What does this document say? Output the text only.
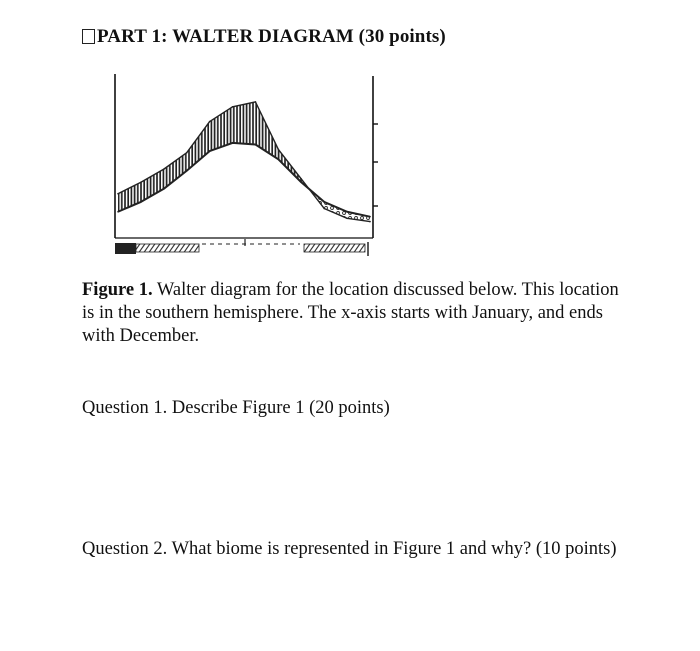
PART 1: WALTER DIAGRAM (30 points)
Figure 1. Walter diagram for the location discussed below. This location is in the southern hemisphere. The x-axis starts with January, and ends with December.
Question 1. Describe Figure 1 (20 points)
Question 2. What biome is represented in Figure 1 and why? (10 points)
